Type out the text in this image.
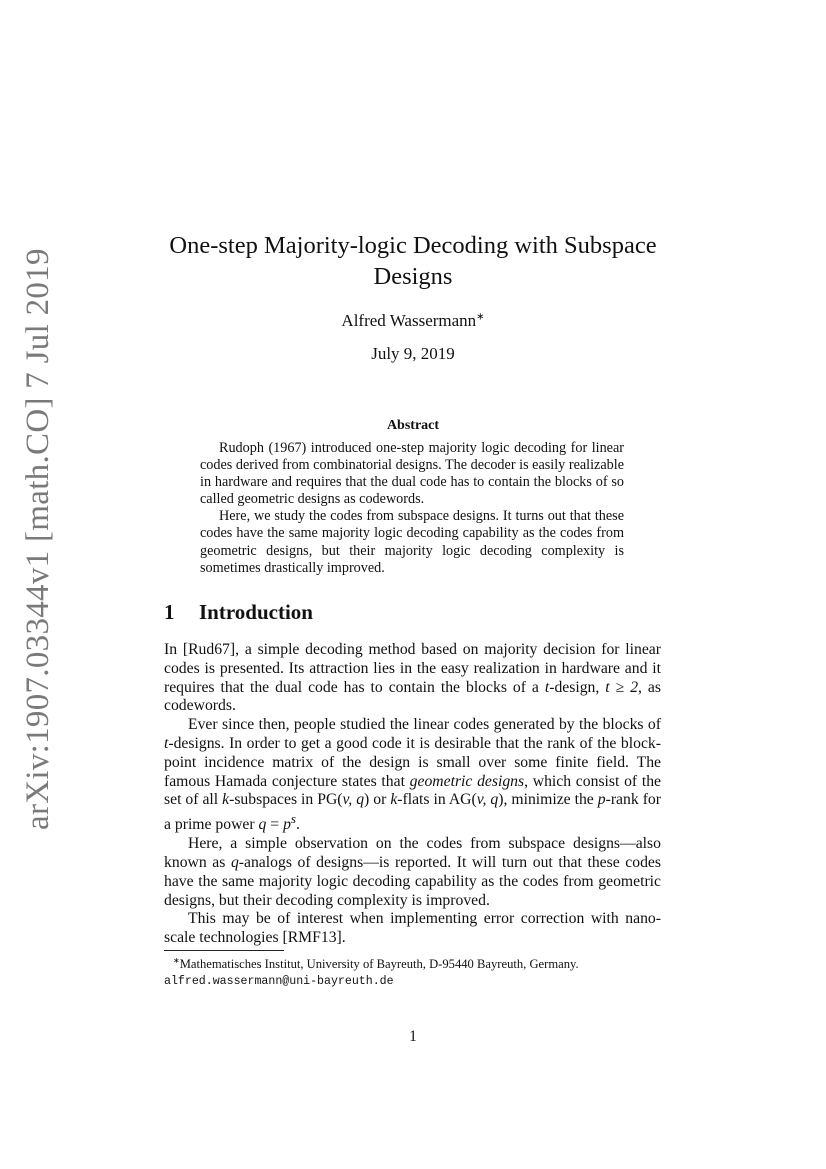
arXiv:1907.03344v1 [math.CO] 7 Jul 2019
One-step Majority-logic Decoding with Subspace Designs
Alfred Wassermann∗
July 9, 2019
Abstract

Rudoph (1967) introduced one-step majority logic decoding for linear codes derived from combinatorial designs. The decoder is easily realizable in hardware and requires that the dual code has to contain the blocks of so called geometric designs as codewords.

Here, we study the codes from subspace designs. It turns out that these codes have the same majority logic decoding capability as the codes from geometric designs, but their majority logic decoding complexity is sometimes drastically improved.

1 Introduction

In [Rud67], a simple decoding method based on majority decision for linear codes is presented. Its attraction lies in the easy realization in hardware and it requires that the dual code has to contain the blocks of a t-design, t ≥ 2, as codewords.

Ever since then, people studied the linear codes generated by the blocks of t-designs. In order to get a good code it is desirable that the rank of the block-point incidence matrix of the design is small over some finite field. The famous Hamada conjecture states that geometric designs, which consist of the set of all k-subspaces in PG(v, q) or k-flats in AG(v, q), minimize the p-rank for a prime power $q = p^s$.

Here, a simple observation on the codes from subspace designs—also known as q-analogs of designs—is reported. It will turn out that these codes have the same majority logic decoding capability as the codes from geometric designs, but their decoding complexity is improved.

This may be of interest when implementing error correction with nano-scale technologies [RMF13].

∗Mathematisches Institut, University of Bayreuth, D-95440 Bayreuth, Germany.
alfred.wassermann@uni-bayreuth.de

1
